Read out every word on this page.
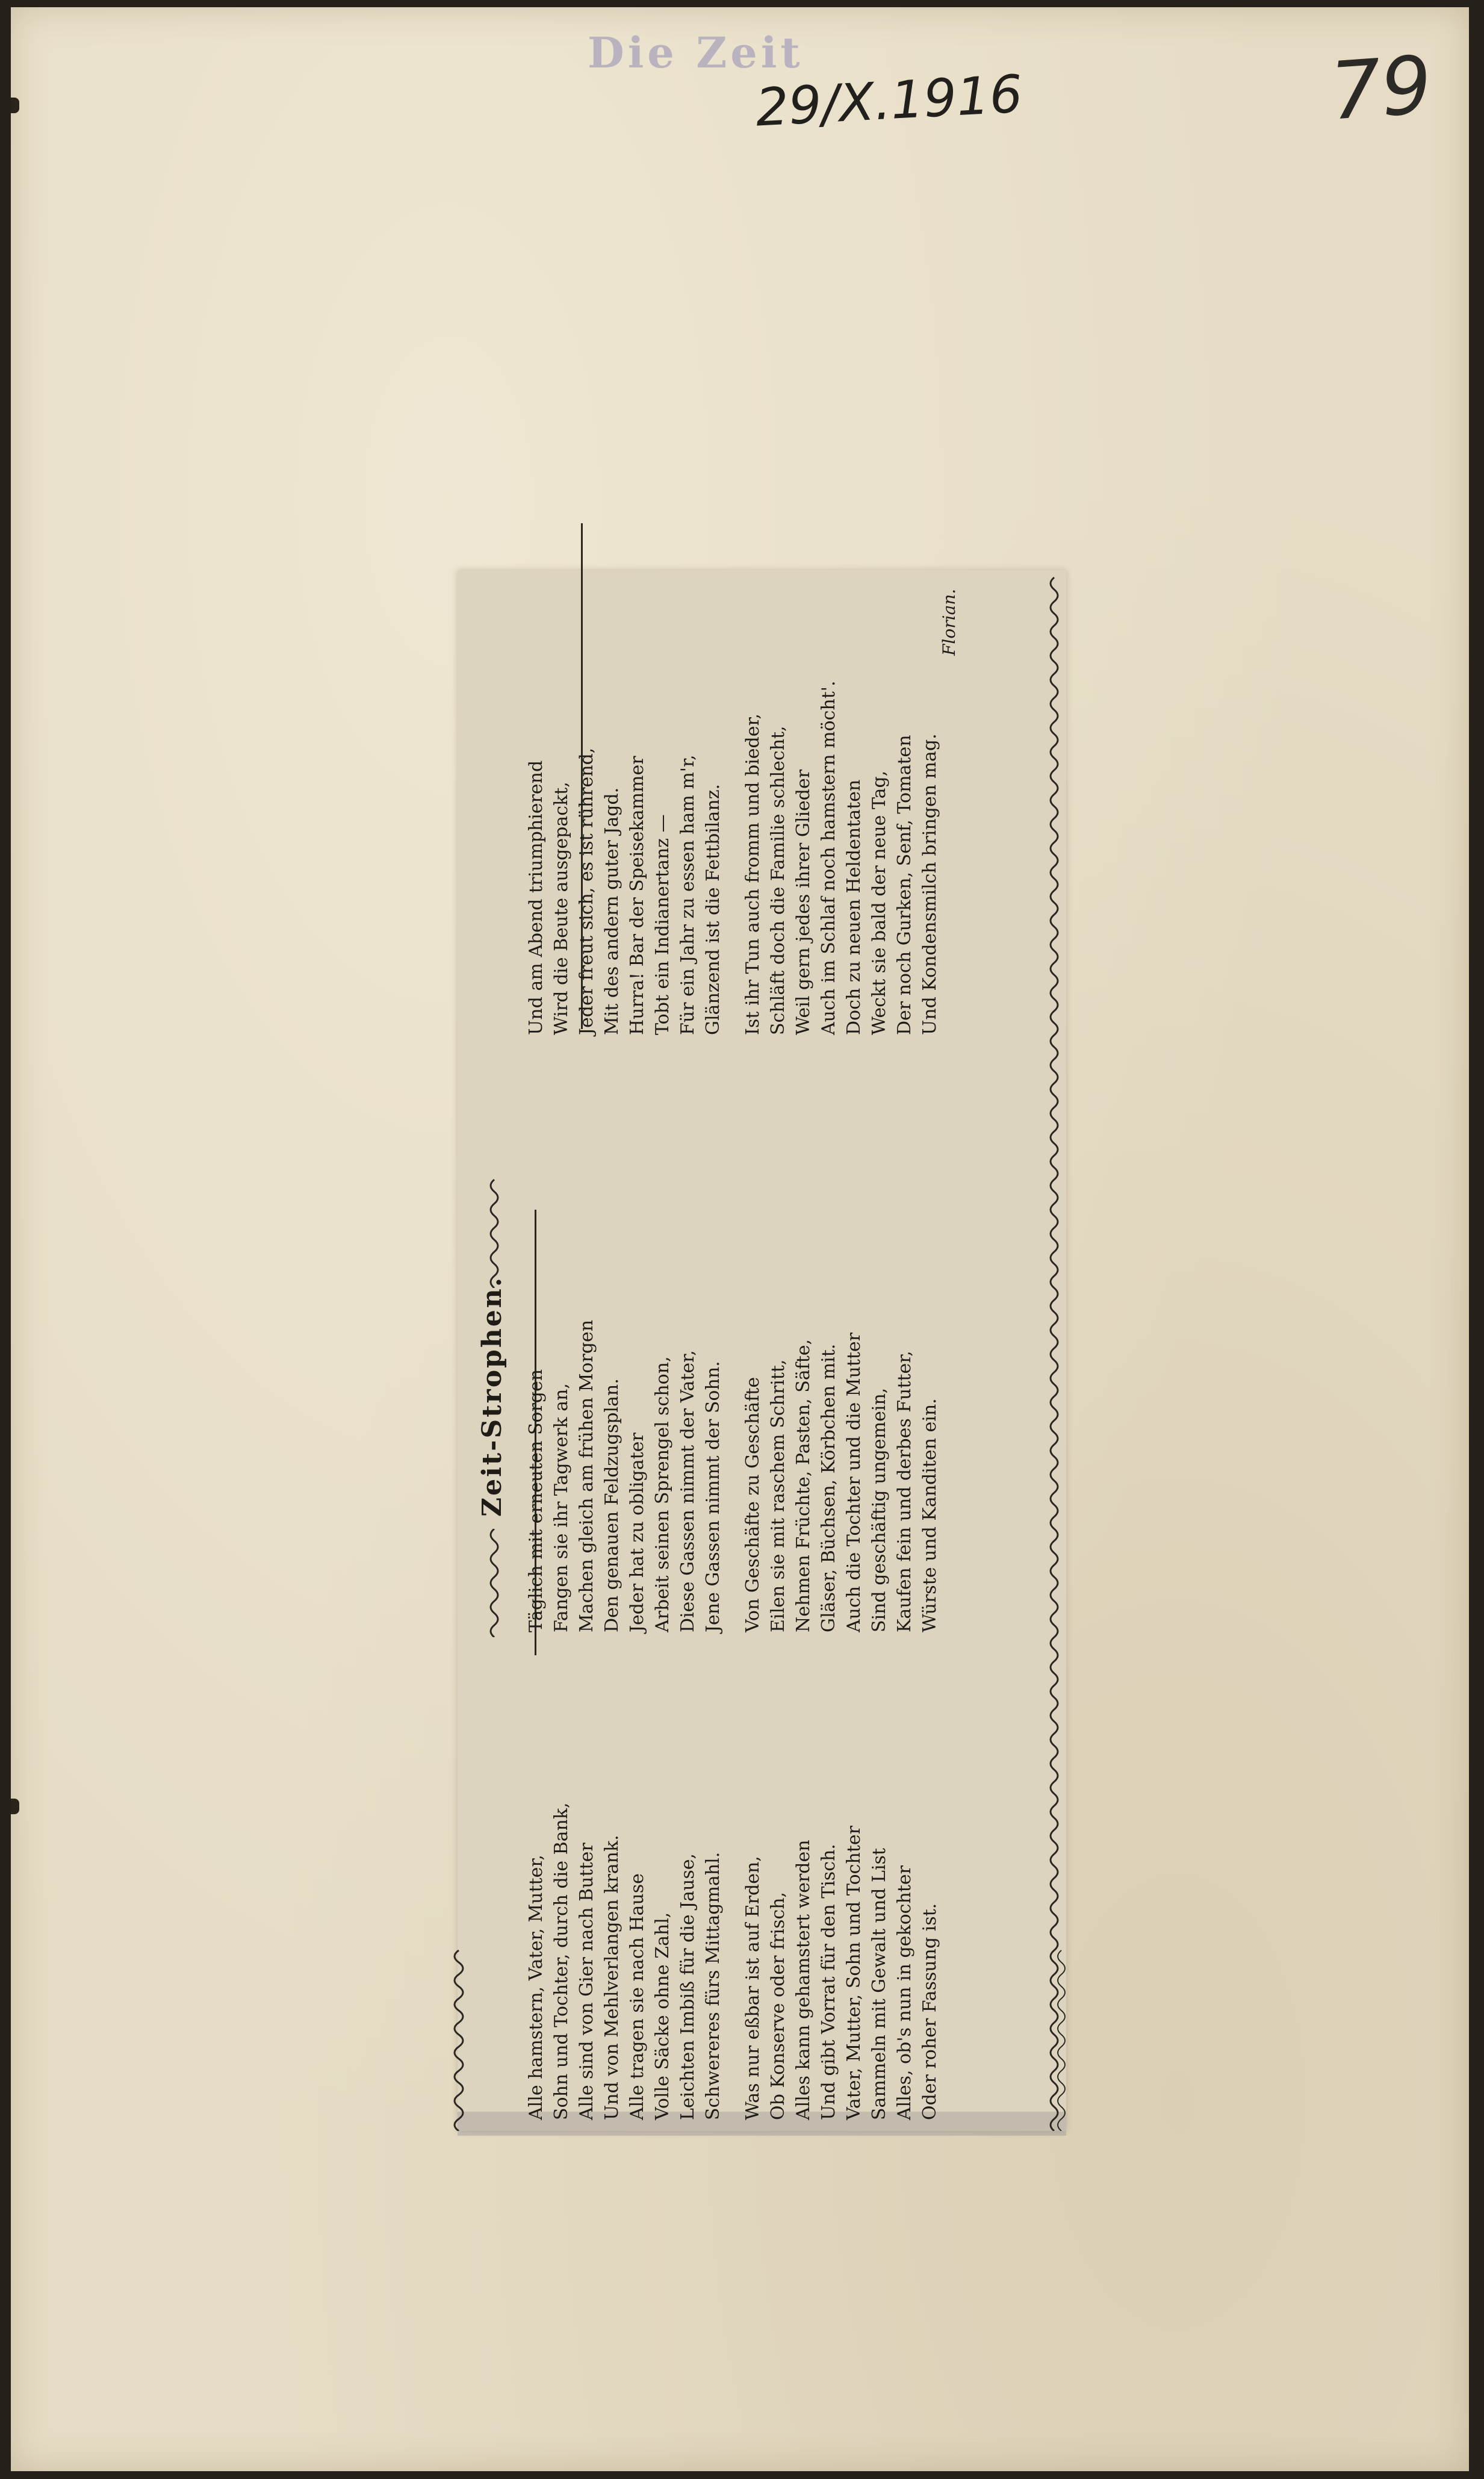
Die Zeit
29/X.1916	79
Zeit-Strophen.
Alle hamstern, Vater, Mutter, Sohn und Tochter, durch die Bank, Alle sind von Gier nach Butter Und von Mehlverlangen krank. Alle tragen sie nach Hause Volle Säcke ohne Zahl, Leichten Imbiß für die Jause, Schwereres fürs Mittagmahl. Was nur eßbar ist auf Erden, Ob Konserve oder frisch, Alles kann gehamstert werden Und gibt Vorrat für den Tisch. Vater, Mutter, Sohn und Tochter Sammeln mit Gewalt und List Alles, ob's nun in gekochter Oder roher Fassung ist.
Täglich mit erneuten Sorgen Fangen sie ihr Tagwerk an, Machen gleich am frühen Morgen Den genauen Feldzugsplan. Jeder hat zu obligater Arbeit seinen Sprengel schon, Diese Gassen nimmt der Vater, Jene Gassen nimmt der Sohn. Von Geschäfte zu Geschäfte Eilen sie mit raschem Schritt, Nehmen Früchte, Pasten, Säfte, Gläser, Büchsen, Körbchen mit. Auch die Tochter und die Mutter Sind geschäftig ungemein, Kaufen fein und derbes Futter, Würste und Kanditen ein.
Und am Abend triumphierend Wird die Beute ausgepackt, Jeder freut sich, es ist rührend, Mit des andern guter Jagd. Hurra! Bar der Speisekammer Tobt ein Indianertanz — Für ein Jahr zu essen ham m'r, Glänzend ist die Fettbilanz. Ist ihr Tun auch fromm und bieder, Schläft doch die Familie schlecht, Weil gern jedes ihrer Glieder Auch im Schlaf noch hamstern möcht'. Doch zu neuen Heldentaten Weckt sie bald der neue Tag, Der noch Gurken, Senf, Tomaten Und Kondensmilch bringen mag.
Florian.
